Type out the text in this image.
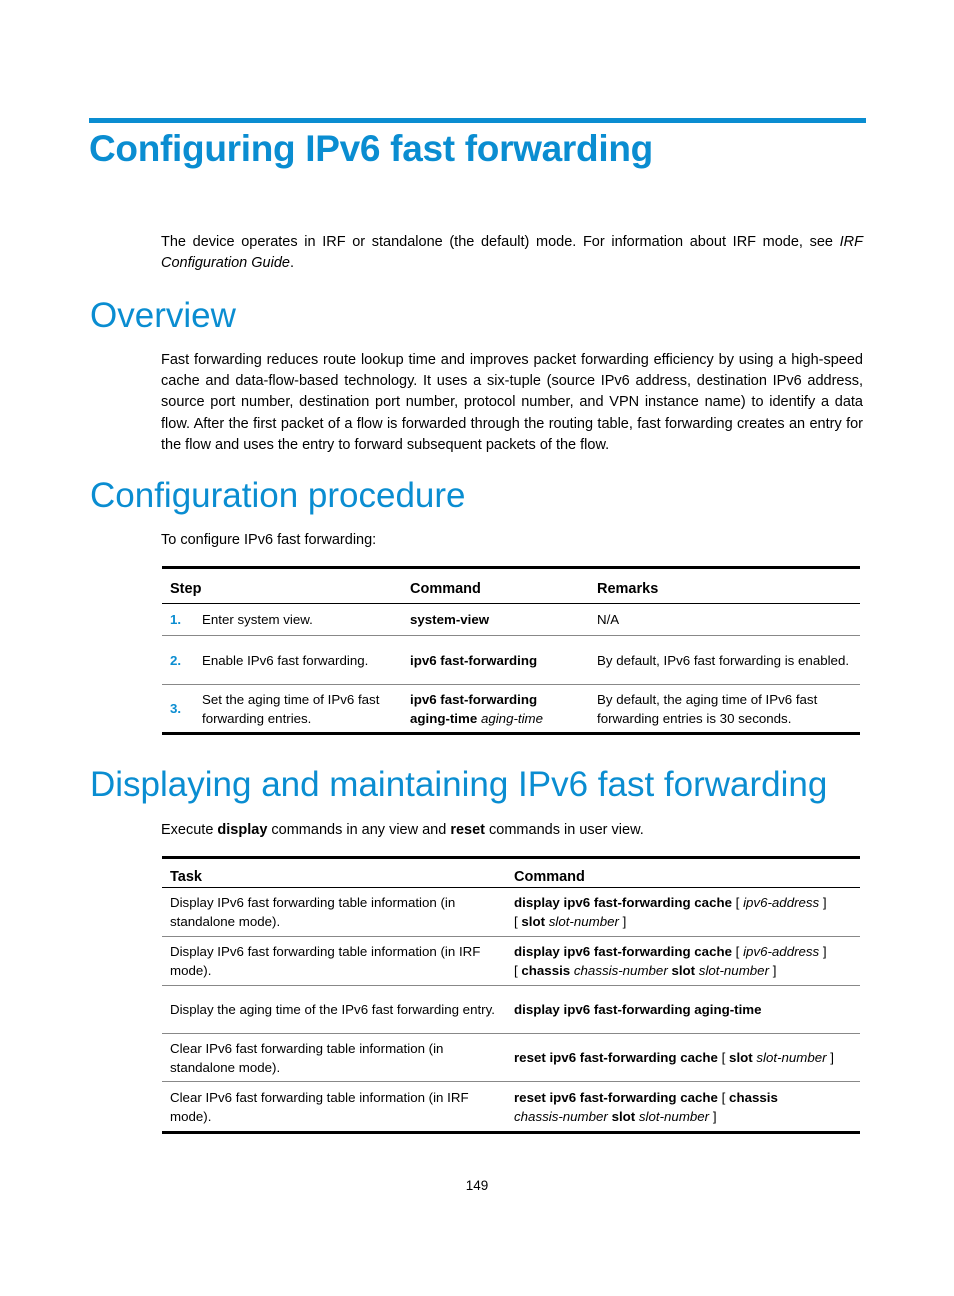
Configuring IPv6 fast forwarding

The device operates in IRF or standalone (the default) mode. For information about IRF mode, see IRF Configuration Guide.

Overview

Fast forwarding reduces route lookup time and improves packet forwarding efficiency by using a high-speed cache and data-flow-based technology. It uses a six-tuple (source IPv6 address, destination IPv6 address, source port number, destination port number, protocol number, and VPN instance name) to identify a data flow. After the first packet of a flow is forwarded through the routing table, fast forwarding creates an entry for the flow and uses the entry to forward subsequent packets of the flow.

Configuration procedure

To configure IPv6 fast forwarding:

Step		Command	Remarks
1.	Enter system view.	system-view	N/A
2.	Enable IPv6 fast forwarding.	ipv6 fast-forwarding	By default, IPv6 fast forwarding is enabled.
3.	Set the aging time of IPv6 fast forwarding entries.	ipv6 fast-forwarding
aging-time aging-time	By default, the aging time of IPv6 fast forwarding entries is 30 seconds.
Displaying and maintaining IPv6 fast forwarding

Execute display commands in any view and reset commands in user view.

Task	Command
Display IPv6 fast forwarding table information (in standalone mode).	display ipv6 fast-forwarding cache [ ipv6-address ]
[ slot slot-number ]
Display IPv6 fast forwarding table information (in IRF mode).	display ipv6 fast-forwarding cache [ ipv6-address ]
[ chassis chassis-number slot slot-number ]
Display the aging time of the IPv6 fast forwarding entry.	display ipv6 fast-forwarding aging-time
Clear IPv6 fast forwarding table information (in standalone mode).	reset ipv6 fast-forwarding cache [ slot slot-number ]
Clear IPv6 fast forwarding table information (in IRF mode).	reset ipv6 fast-forwarding cache [ chassis
chassis-number slot slot-number ]
149
